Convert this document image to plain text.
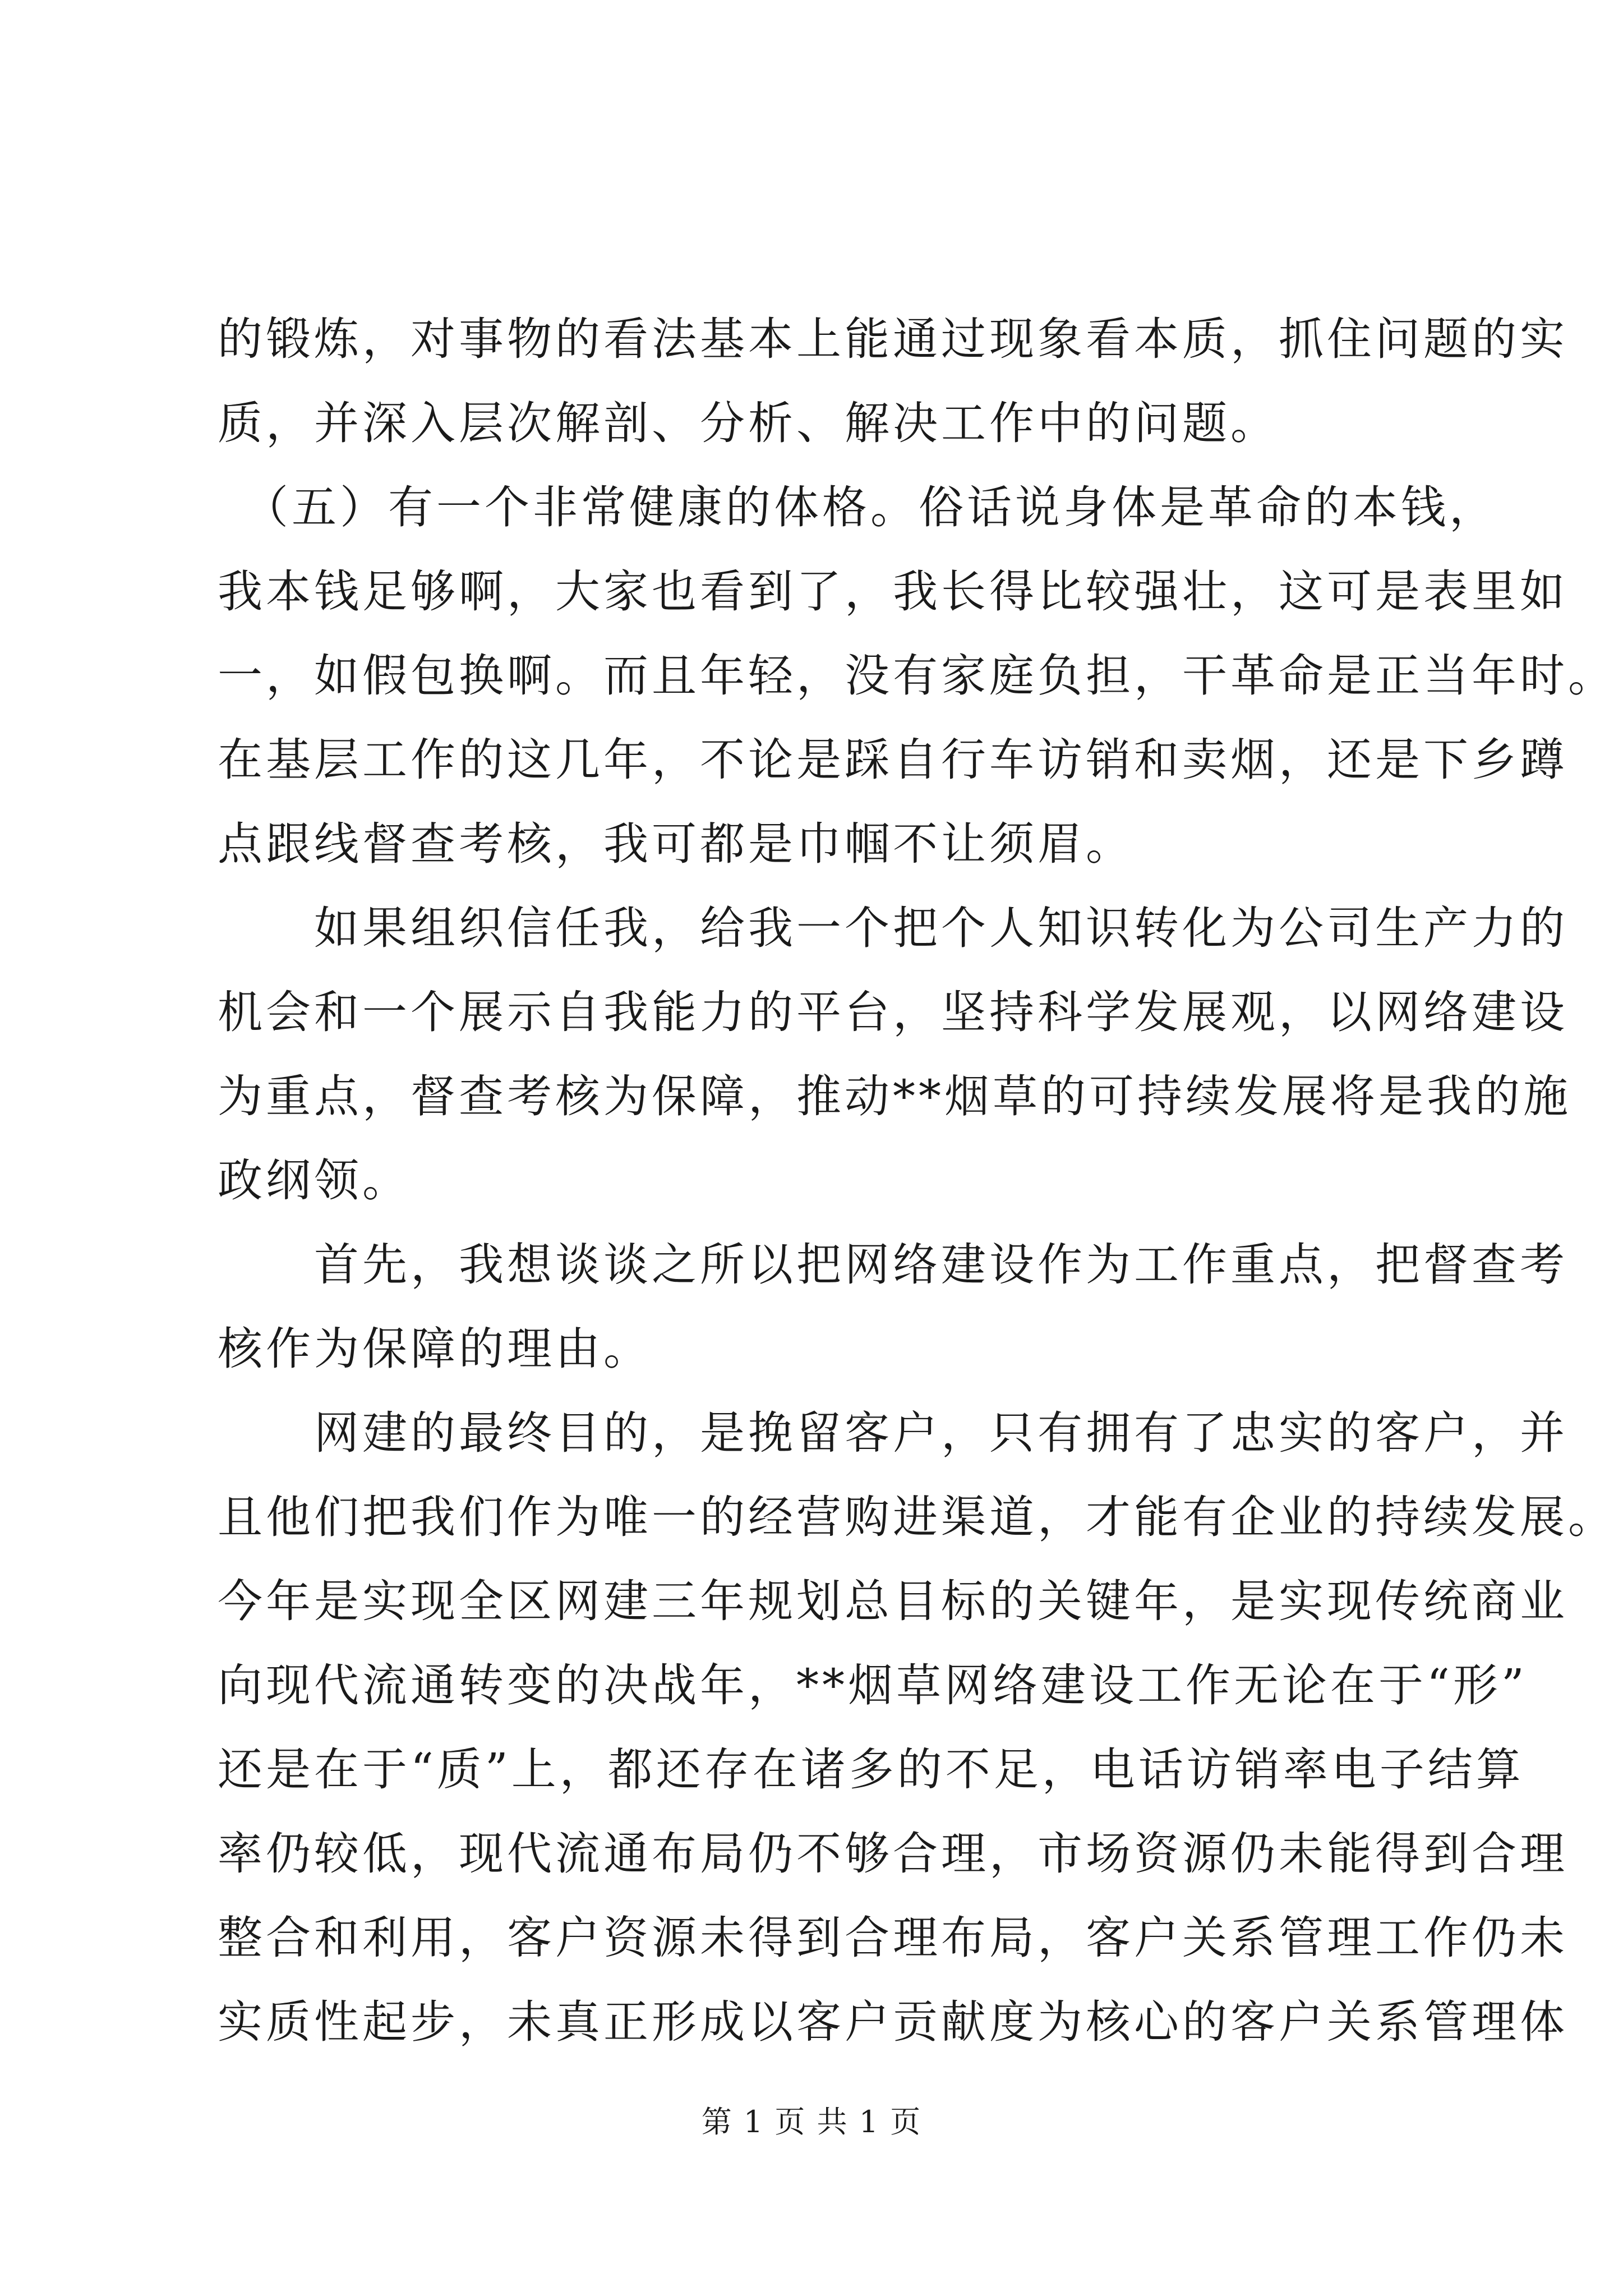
的锻炼，对事物的看法基本上能通过现象看本质，抓住问题的实
质，并深入层次解剖、分析、解决工作中的问题。
　（五）有一个非常健康的体格。俗话说身体是革命的本钱，
我本钱足够啊，大家也看到了，我长得比较强壮，这可是表里如
一，如假包换啊。而且年轻，没有家庭负担，干革命是正当年时。
在基层工作的这几年，不论是踩自行车访销和卖烟，还是下乡蹲
点跟线督查考核，我可都是巾帼不让须眉。
　　如果组织信任我，给我一个把个人知识转化为公司生产力的
机会和一个展示自我能力的平台，坚持科学发展观，以网络建设
为重点，督查考核为保障，推动**烟草的可持续发展将是我的施
政纲领。
　　首先，我想谈谈之所以把网络建设作为工作重点，把督查考
核作为保障的理由。
　　网建的最终目的，是挽留客户，只有拥有了忠实的客户，并
且他们把我们作为唯一的经营购进渠道，才能有企业的持续发展。
今年是实现全区网建三年规划总目标的关键年，是实现传统商业
向现代流通转变的决战年，**烟草网络建设工作无论在于“形”
还是在于“质”上，都还存在诸多的不足，电话访销率电子结算
率仍较低，现代流通布局仍不够合理，市场资源仍未能得到合理
整合和利用，客户资源未得到合理布局，客户关系管理工作仍未
实质性起步，未真正形成以客户贡献度为核心的客户关系管理体
第 1 页 共 1 页
